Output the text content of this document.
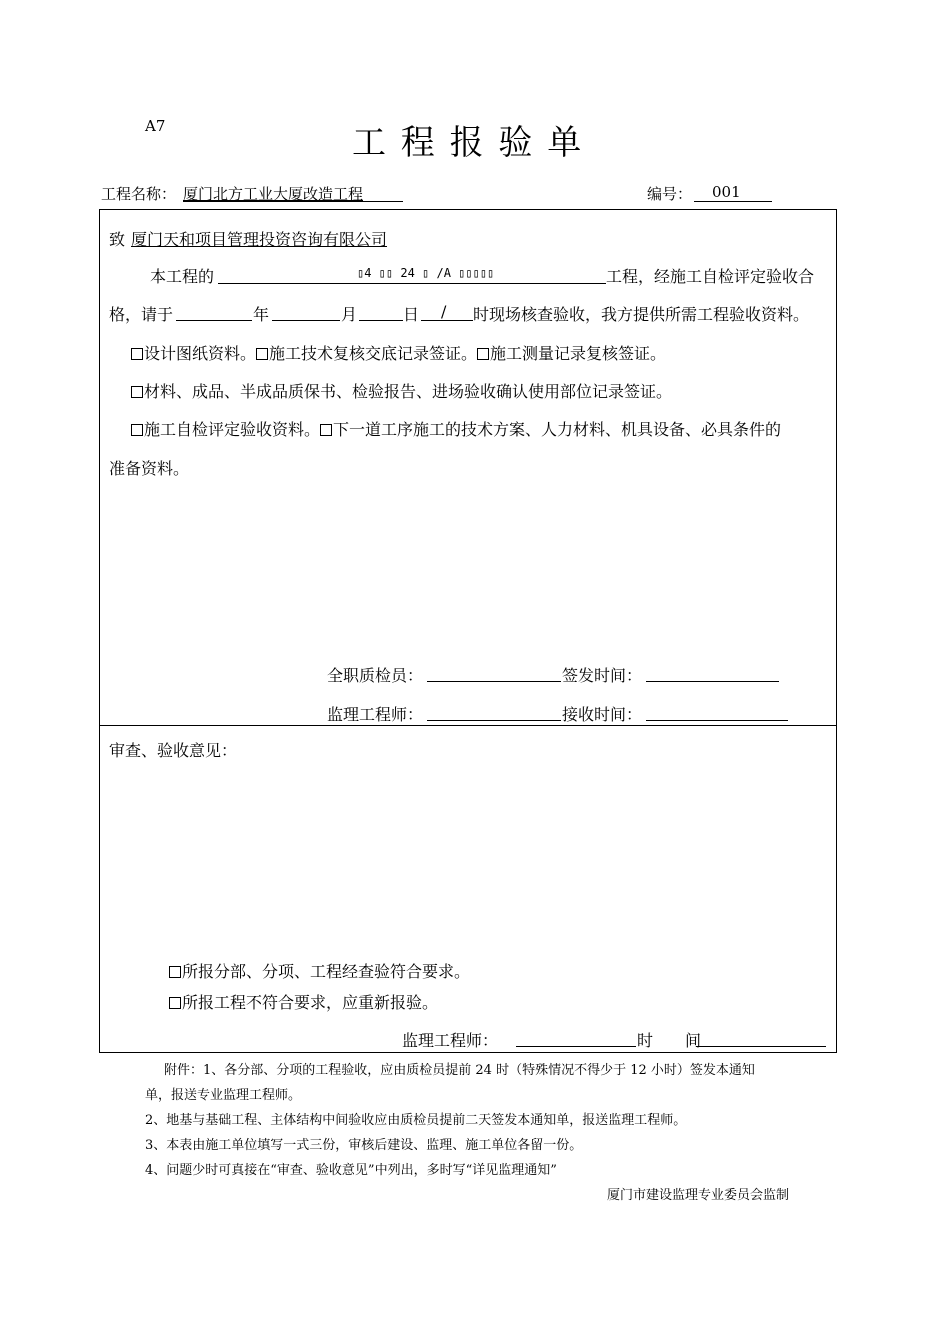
A7	工 程 报 验 单
工程名称： 厦门北方工业大厦改造工程	编号： 001
致 厦门天和项目管理投资咨询有限公司
本工程的	▯4 ▯▯ 24 ▯ /A ▯▯▯▯▯	工程，经施工自检评定验收合
格，请于	年	月	日 / 时现场核查验收，我方提供所需工程验收资料。
设计图纸资料。 施工技术复核交底记录签证。 施工测量记录复核签证。
材料、成品、半成品质保书、检验报告、进场验收确认使用部位记录签证。
施工自检评定验收资料。 下一道工序施工的技术方案、人力材料、机具设备、必具条件的
准备资料。
全职质检员：	签发时间：
监理工程师：	接收时间：
审查、验收意见：
所报分部、分项、工程经查验符合要求。
所报工程不符合要求，应重新报验。
监理工程师：	时　　间
附件：1、各分部、分项的工程验收，应由质检员提前 24 时（特殊情况不得少于 12 小时）签发本通知
单，报送专业监理工程师。
2、地基与基础工程、主体结构中间验收应由质检员提前二天签发本通知单，报送监理工程师。
3、本表由施工单位填写一式三份，审核后建设、监理、施工单位各留一份。
4、问题少时可真接在“审查、验收意见”中列出，多时写“详见监理通知”
厦门市建设监理专业委员会监制
